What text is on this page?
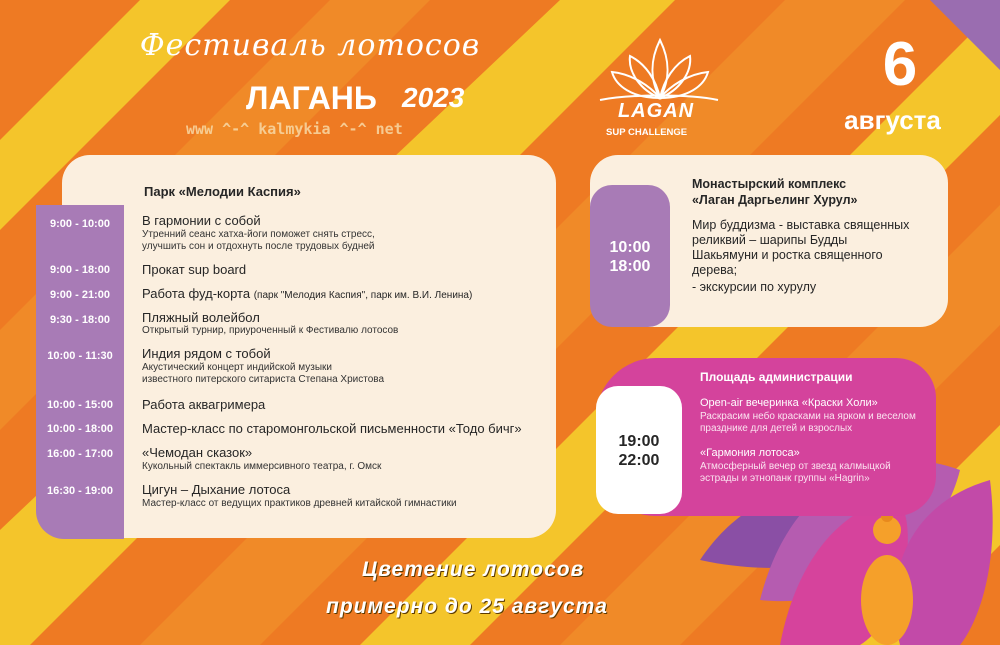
Фестиваль лотосов
ЛАГАНЬ 2023
www ^-^ kalmykia ^-^ net
LAGAN
SUP CHALLENGE
6
августа
Парк «Мелодии Каспия»
9:00 - 10:00	В гармонии с собой
Утренний сеанс хатха-йоги поможет снять стресс,
улучшить сон и отдохнуть после трудовых будней
9:00 - 18:00	Прокат sup board
9:00 - 21:00	Работа фуд-корта (парк "Мелодия Каспия", парк им. В.И. Ленина)
9:30 - 18:00	Пляжный волейбол
Открытый турнир, приуроченный к Фестивалю лотосов
10:00 - 11:30	Индия рядом с тобой
Акустический концерт индийской музыки
известного питерского ситариста Степана Христова
10:00 - 15:00	Работа аквагримера
10:00 - 18:00	Мастер-класс по старомонгольской письменности «Тодо бичг»
16:00 - 17:00	«Чемодан сказок»
Кукольный спектакль иммерсивного театра, г. Омск
16:30 - 19:00	Цигун – Дыхание лотоса
Мастер-класс от ведущих практиков древней китайской гимнастики
10:00
18:00
Монастырский комплекс
«Лаган Даргьелинг Хурул»
Мир буддизма - выставка священных
реликвий – шарипы Будды
Шакьямуни и ростка священного
дерева;
- экскурсии по хурулу
19:00
22:00
Площадь администрации
Open-air вечеринка «Краски Холи»
Раскрасим небо красками на ярком и веселом
празднике для детей и взрослых
«Гармония лотоса»
Атмосферный вечер от звезд калмыцкой
эстрады и этнопанк группы «Hagrin»
Цветение лотосов
примерно до 25 августа
